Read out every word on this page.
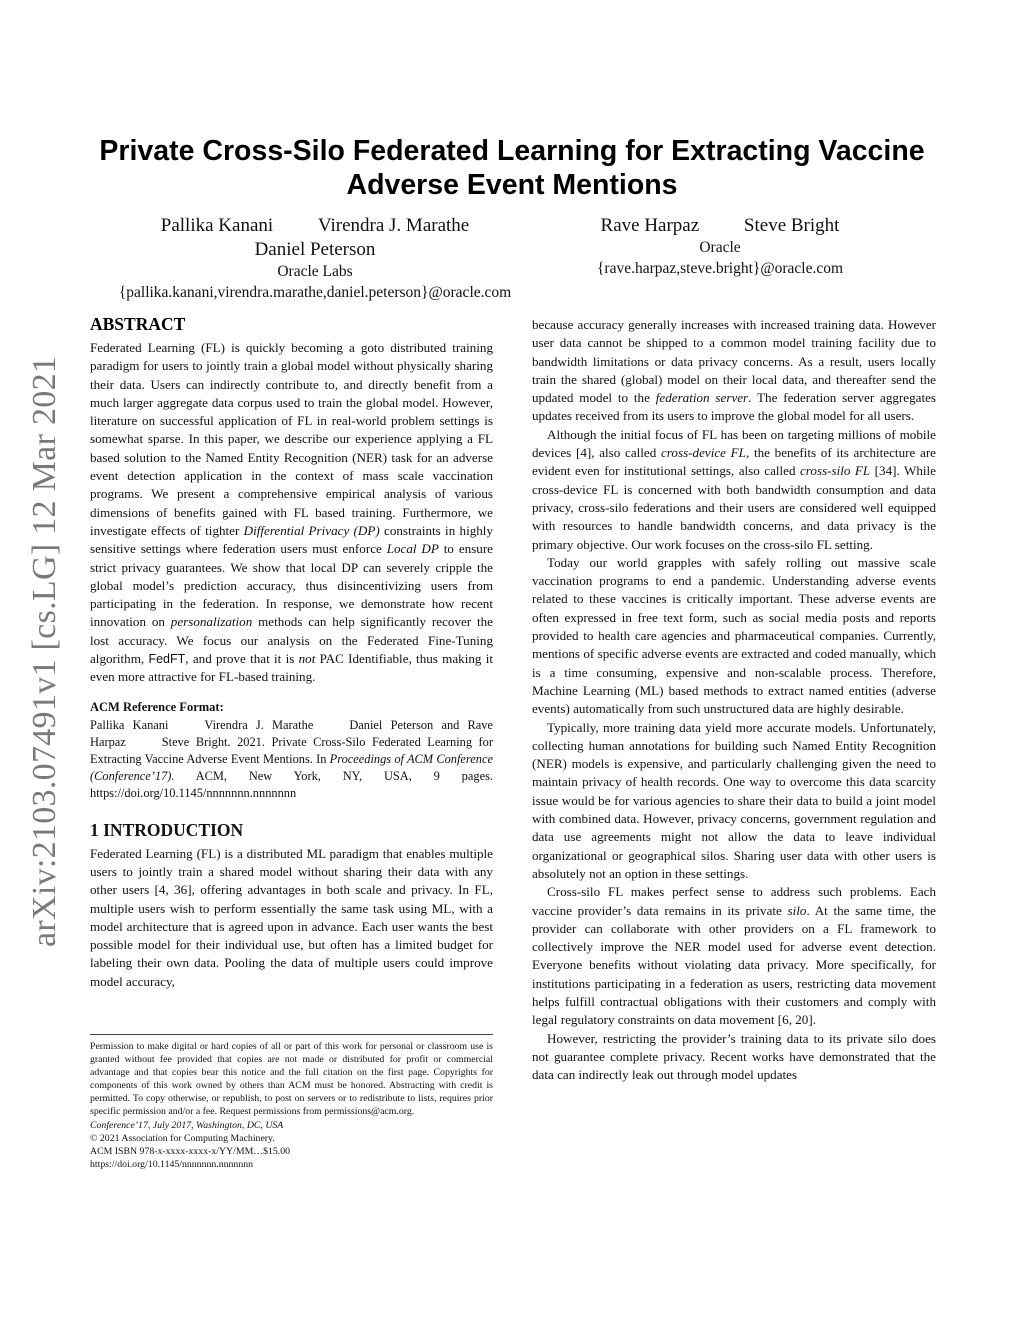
arXiv:2103.07491v1 [cs.LG] 12 Mar 2021
Private Cross-Silo Federated Learning for Extracting Vaccine Adverse Event Mentions
Pallika Kanani Virendra J. Marathe
Daniel Peterson
Oracle Labs
{pallika.kanani,virendra.marathe,daniel.peterson}@oracle.com
Rave Harpaz Steve Bright
Oracle
{rave.harpaz,steve.bright}@oracle.com
ABSTRACT

Federated Learning (FL) is quickly becoming a goto distributed training paradigm for users to jointly train a global model without physically sharing their data. Users can indirectly contribute to, and directly benefit from a much larger aggregate data corpus used to train the global model. However, literature on successful application of FL in real-world problem settings is somewhat sparse. In this paper, we describe our experience applying a FL based solution to the Named Entity Recognition (NER) task for an adverse event detection application in the context of mass scale vaccination programs. We present a comprehensive empirical analysis of various dimensions of benefits gained with FL based training. Furthermore, we investigate effects of tighter Differential Privacy (DP) constraints in highly sensitive settings where federation users must enforce Local DP to ensure strict privacy guarantees. We show that local DP can severely cripple the global model’s prediction accuracy, thus disincentivizing users from participating in the federation. In response, we demonstrate how recent innovation on personalization methods can help significantly recover the lost accuracy. We focus our analysis on the Federated Fine-Tuning algorithm, FedFT, and prove that it is not PAC Identifiable, thus making it even more attractive for FL-based training.

ACM Reference Format:

Pallika Kanani	Virendra J. Marathe	Daniel Peterson and Rave Harpaz	Steve Bright. 2021. Private Cross-Silo Federated Learning for Extracting Vaccine Adverse Event Mentions. In Proceedings of ACM Conference (Conference’17). ACM, New York, NY, USA, 9 pages. https://doi.org/10.1145/nnnnnnn.nnnnnnn

1 INTRODUCTION

Federated Learning (FL) is a distributed ML paradigm that enables multiple users to jointly train a shared model without sharing their data with any other users [4, 36], offering advantages in both scale and privacy. In FL, multiple users wish to perform essentially the same task using ML, with a model architecture that is agreed upon in advance. Each user wants the best possible model for their individual use, but often has a limited budget for labeling their own data. Pooling the data of multiple users could improve model accuracy,

Permission to make digital or hard copies of all or part of this work for personal or classroom use is granted without fee provided that copies are not made or distributed for profit or commercial advantage and that copies bear this notice and the full citation on the first page. Copyrights for components of this work owned by others than ACM must be honored. Abstracting with credit is permitted. To copy otherwise, or republish, to post on servers or to redistribute to lists, requires prior specific permission and/or a fee. Request permissions from permissions@acm.org.

Conference’17, July 2017, Washington, DC, USA

© 2021 Association for Computing Machinery.

ACM ISBN 978-x-xxxx-xxxx-x/YY/MM…$15.00

https://doi.org/10.1145/nnnnnnn.nnnnnnn

because accuracy generally increases with increased training data. However user data cannot be shipped to a common model training facility due to bandwidth limitations or data privacy concerns. As a result, users locally train the shared (global) model on their local data, and thereafter send the updated model to the federation server. The federation server aggregates updates received from its users to improve the global model for all users.

Although the initial focus of FL has been on targeting millions of mobile devices [4], also called cross-device FL, the benefits of its architecture are evident even for institutional settings, also called cross-silo FL [34]. While cross-device FL is concerned with both bandwidth consumption and data privacy, cross-silo federations and their users are considered well equipped with resources to handle bandwidth concerns, and data privacy is the primary objective. Our work focuses on the cross-silo FL setting.

Today our world grapples with safely rolling out massive scale vaccination programs to end a pandemic. Understanding adverse events related to these vaccines is critically important. These adverse events are often expressed in free text form, such as social media posts and reports provided to health care agencies and pharmaceutical companies. Currently, mentions of specific adverse events are extracted and coded manually, which is a time consuming, expensive and non-scalable process. Therefore, Machine Learning (ML) based methods to extract named entities (adverse events) automatically from such unstructured data are highly desirable.

Typically, more training data yield more accurate models. Unfortunately, collecting human annotations for building such Named Entity Recognition (NER) models is expensive, and particularly challenging given the need to maintain privacy of health records. One way to overcome this data scarcity issue would be for various agencies to share their data to build a joint model with combined data. However, privacy concerns, government regulation and data use agreements might not allow the data to leave individual organizational or geographical silos. Sharing user data with other users is absolutely not an option in these settings.

Cross-silo FL makes perfect sense to address such problems. Each vaccine provider’s data remains in its private silo. At the same time, the provider can collaborate with other providers on a FL framework to collectively improve the NER model used for adverse event detection. Everyone benefits without violating data privacy. More specifically, for institutions participating in a federation as users, restricting data movement helps fulfill contractual obligations with their customers and comply with legal regulatory constraints on data movement [6, 20].

However, restricting the provider’s training data to its private silo does not guarantee complete privacy. Recent works have demonstrated that the data can indirectly leak out through model updates
